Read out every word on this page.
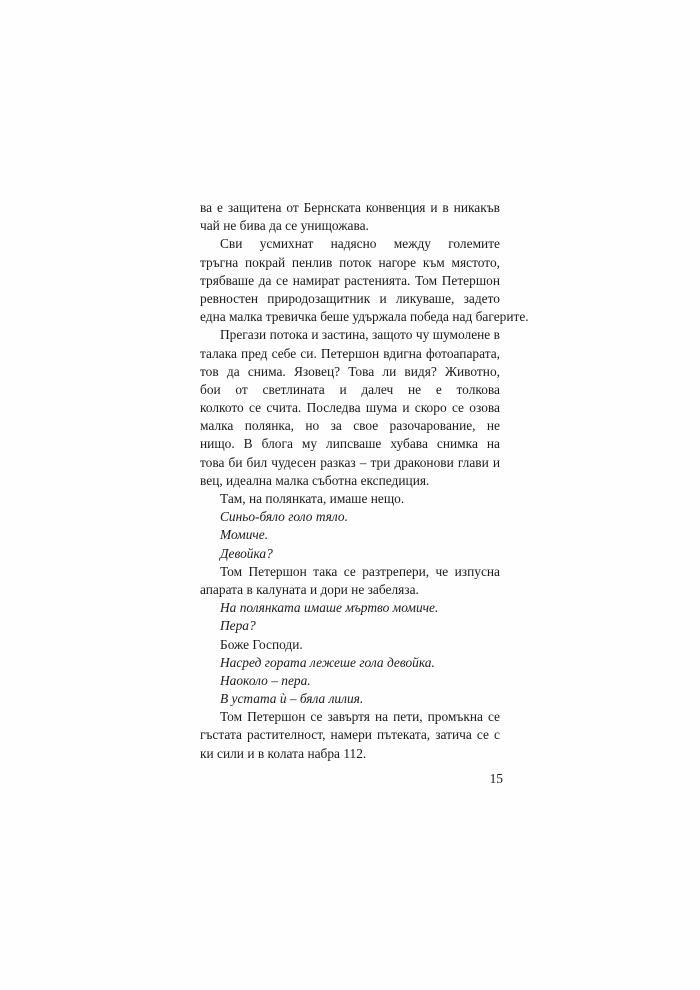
ва е защитена от Бернската конвенция и в никакъв
чай не бива да се унищожава.
Сви усмихнат надясно между големите
тръгна покрай пенлив поток нагоре към мястото,
трябваше да се намират растенията. Том Петершон
ревностен природозащитник и ликуваше, задето
една малка тревичка беше удържала победа над багерите.
Прегази потока и застина, защото чу шумолене в
талака пред себе си. Петершон вдигна фотоапарата,
тов да снима. Язовец? Това ли видя? Животно,
бои от светлината и далеч не е толкова
колкото се счита. Последва шума и скоро се озова
малка полянка, но за свое разочарование, не
нищо. В блога му липсваше хубава снимка на
това би бил чудесен разказ – три драконови глави и
вец, идеална малка съботна експедиция.
Там, на полянката, имаше нещо.
Синьо-бяло голо тяло.
Момиче.
Девойка?
Том Петершон така се разтрепери, че изпусна
апарата в калуната и дори не забеляза.
На полянката имаше мъртво момиче.
Пера?
Боже Господи.
Насред гората лежеше гола девойка.
Наоколо – пера.
В устата ѝ – бяла лилия.
Том Петершон се завъртя на пети, промъкна се
гъстата растителност, намери пътеката, затича се с
ки сили и в колата набра 112.
15
